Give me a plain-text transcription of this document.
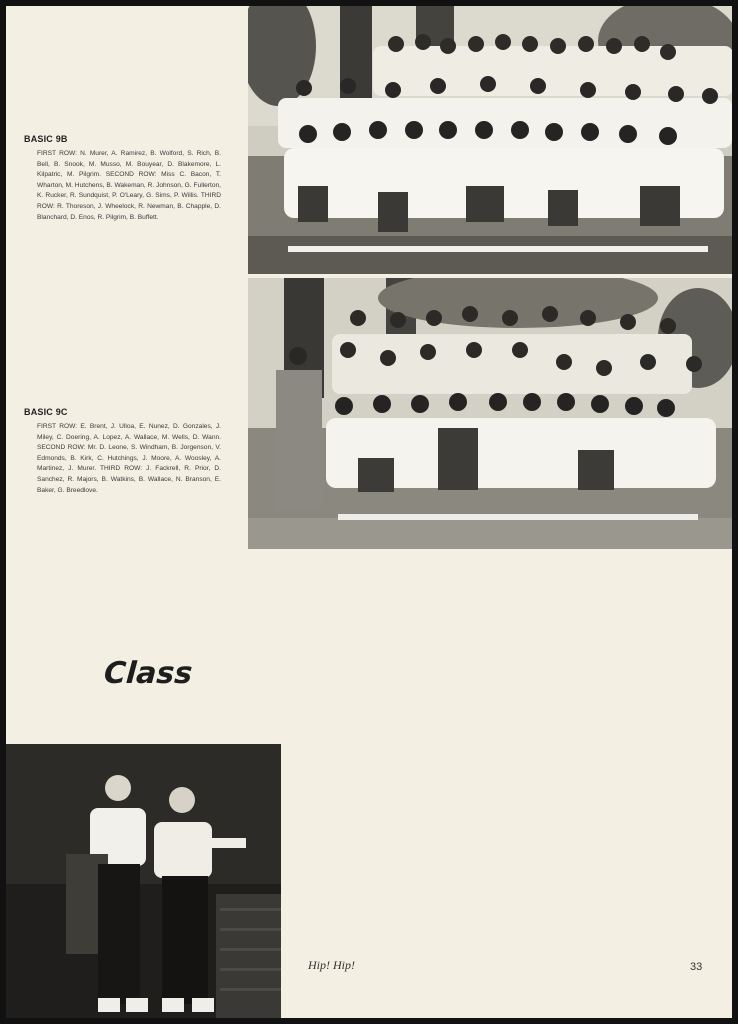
BASIC 9B
FIRST ROW: N. Murer, A. Ramirez, B. Wolford, S. Rich, B. Bell, B. Snook, M. Musso, M. Bouyear, D. Blakemore, L. Kilpatric, M. Pilgrim. SECOND ROW: Miss C. Bacon, T. Wharton, M. Hutchens, B. Wakeman, R. Johnson, G. Fullerton, K. Rucker, R. Sundquist, P. O'Leary, G. Sims, P. Willis. THIRD ROW: R. Thoreson, J. Wheelock, R. Newman, B. Chapple, D. Blanchard, D. Enos, R. Pilgrim, B. Buffett.
BASIC 9C
FIRST ROW: E. Brent, J. Ulloa, E. Nunez, D. Gonzales, J. Miley, C. Doering, A. Lopez, A. Wallace, M. Wells, D. Wann. SECOND ROW: Mr. D. Leone, S. Windham, B. Jorgenson, V. Edmonds, B. Kirk, C. Hutchings, J. Moore, A. Woosley, A. Martinez, J. Murer. THIRD ROW: J. Fackrell, R. Prior, D. Sanchez, R. Majors, B. Watkins, B. Wallace, N. Branson, E. Baker, G. Breedlove.
Class
Hip! Hip!	33
